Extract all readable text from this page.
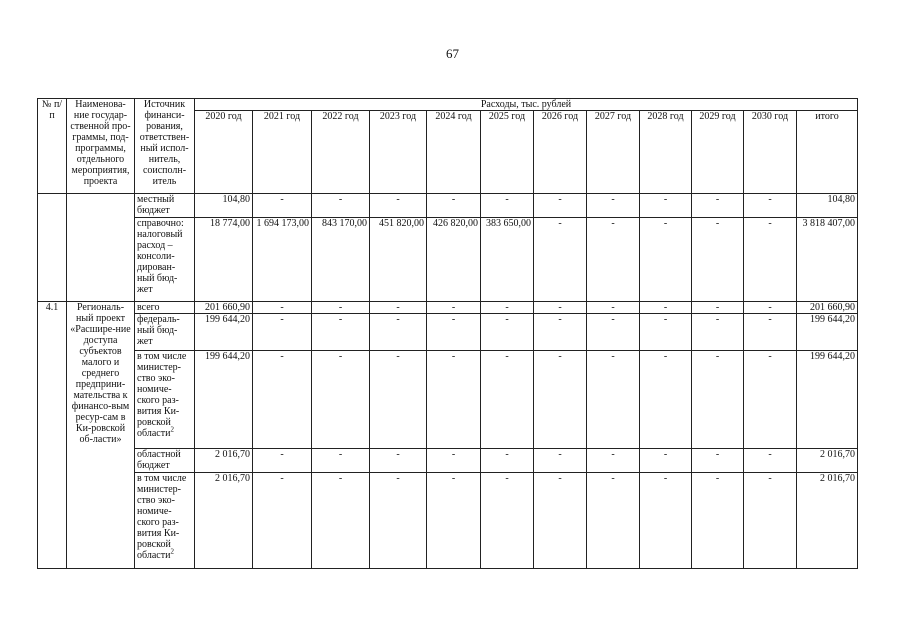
67
№ п/п	Наименова-ние государ-ственной про-граммы, под-программы, отдельного мероприятия, проекта	Источник финанси-рования, ответствен-ный испол-нитель, соисполн-итель	Расходы, тыс. рублей											
			2020 год	2021 год	2022 год	2023 год	2024 год	2025 год	2026 год	2027 год	2028 год	2029 год	2030 год	итого
		местный бюджет	104,80	-	-	-	-	-	-	-	-	-	-	104,80
		справочно: налоговый расход – консоли-дирован-ный бюд-жет	18 774,00	1 694 173,00	843 170,00	451 820,00	426 820,00	383 650,00	-	-	-	-	-	3 818 407,00
4.1	Региональ-ный проект «Расшире-ние доступа субъектов малого и среднего предприни-мательства к финансо-вым ресур-сам в Ки-ровской об-ласти»	всего	201 660,90	-	-	-	-	-	-	-	-	-	-	201 660,90
		федераль-ный бюд-жет	199 644,20	-	-	-	-	-	-	-	-	-	-	199 644,20
		в том числе министер-ство эко-номиче-ского раз-вития Ки-ровской области$^2$	199 644,20	-	-	-	-	-	-	-	-	-	-	199 644,20
		областной бюджет	2 016,70	-	-	-	-	-	-	-	-	-	-	2 016,70
		в том числе министер-ство эко-номиче-ского раз-вития Ки-ровской области$^2$	2 016,70	-	-	-	-	-	-	-	-	-	-	2 016,70
